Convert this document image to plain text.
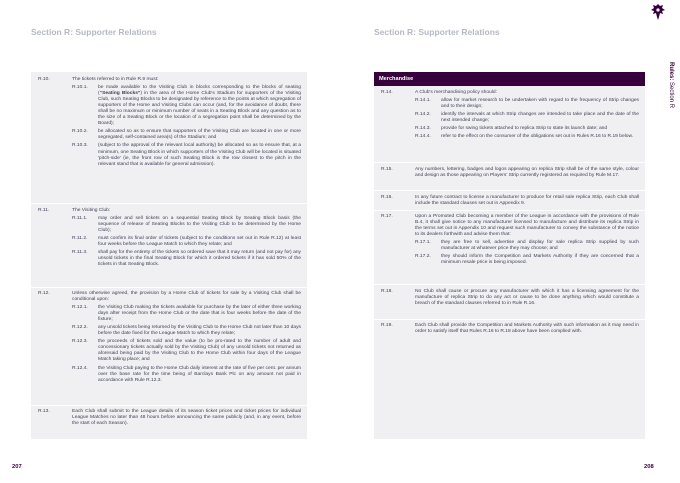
Section R: Supporter Relations	Section R: Supporter Relations
Rules: Section R
R.10.	The tickets referred to in Rule R.9 must:
R.10.1.	be made available to the Visiting Club in blocks corresponding to the blocks of seating (“Seating Blocks”) in the area of the Home Club's Stadium for supporters of the Visiting Club, such Seating Blocks to be designated by reference to the points at which segregation of supporters of the Home and Visiting Clubs can occur (and, for the avoidance of doubt, there shall be no maximum or minimum number of seats in a Seating Block and any question as to the size of a Seating Block or the location of a segregation point shall be determined by the Board);
R.10.2.	be allocated so as to ensure that supporters of the Visiting Club are located in one or more segregated, self-contained area(s) of the Stadium; and
R.10.3.	(subject to the approval of the relevant local authority) be allocated so as to ensure that, at a minimum, one Seating Block in which supporters of the Visiting Club will be located is situated 'pitch-side' (ie, the front row of such Seating Block is the row closest to the pitch in the relevant stand that is available for general admission).
R.11.	The Visiting Club:
R.11.1.	may order and sell tickets on a sequential Seating Block by Seating Block basis (the sequence of release of Seating Blocks to the Visiting Club to be determined by the Home Club);
R.11.2.	must confirm its final order of tickets (subject to the conditions set out in Rule R.12) at least four weeks before the League Match to which they relate; and
R.11.3.	shall pay for the entirety of the tickets so ordered save that it may return (and not pay for) any unsold tickets in the final Seating Block for which it ordered tickets if it has sold 50% of the tickets in that Seating Block.
R.12.	Unless otherwise agreed, the provision by a Home Club of tickets for sale by a Visiting Club shall be conditional upon:
R.12.1.	the Visiting Club making the tickets available for purchase by the later of either three working days after receipt from the Home Club or the date that is four weeks before the date of the fixture;
R.12.2.	any unsold tickets being returned by the Visiting Club to the Home Club not later than 10 days before the date fixed for the League Match to which they relate;
R.12.3.	the proceeds of tickets sold and the value (to be pro-rated to the number of adult and concessionary tickets actually sold by the Visiting Club) of any unsold tickets not returned as aforesaid being paid by the Visiting Club to the Home Club within four days of the League Match taking place; and
R.12.4.	the Visiting Club paying to the Home Club daily interest at the rate of five per cent. per annum over the base rate for the time being of Barclays Bank Plc on any amount not paid in accordance with Rule R.12.3.
R.13.	Each Club shall submit to the League details of its season ticket prices and ticket prices for individual League Matches no later than 48 hours before announcing the same publicly (and, in any event, before the start of each Season).
Merchandise
R.14.	A Club's merchandising policy should:
R.14.1.	allow for market research to be undertaken with regard to the frequency of Strip changes and to their design;
R.14.2.	identify the intervals at which Strip changes are intended to take place and the date of the next intended change;
R.14.3.	provide for swing tickets attached to replica Strip to state its launch date; and
R.14.4.	refer to the effect on the consumer of the obligations set out in Rules R.16 to R.19 below.
R.15.	Any numbers, lettering, badges and logos appearing on replica Strip shall be of the same style, colour and design as those appearing on Players' Strip currently registered as required by Rule M.17.
R.16.	In any future contract to license a manufacturer to produce for retail sale replica Strip, each Club shall include the standard clauses set out in Appendix 9.
R.17.	Upon a Promoted Club becoming a member of the League in accordance with the provisions of Rule B.4, it shall give notice to any manufacturer licensed to manufacture and distribute its replica Strip in the terms set out in Appendix 10 and request such manufacturer to convey the substance of the notice to its dealers forthwith and advise them that:
R.17.1.	they are free to sell, advertise and display for sale replica Strip supplied by such manufacturer at whatever price they may choose; and
R.17.2.	they should inform the Competition and Markets Authority if they are concerned that a minimum resale price is being imposed.
R.18.	No Club shall cause or procure any manufacturer with which it has a licensing agreement for the manufacture of replica Strip to do any act or cause to be done anything which would constitute a breach of the standard clauses referred to in Rule R.16.
R.19.	Each Club shall provide the Competition and Markets Authority with such information as it may need in order to satisfy itself that Rules R.16 to R.18 above have been complied with.
207	208
